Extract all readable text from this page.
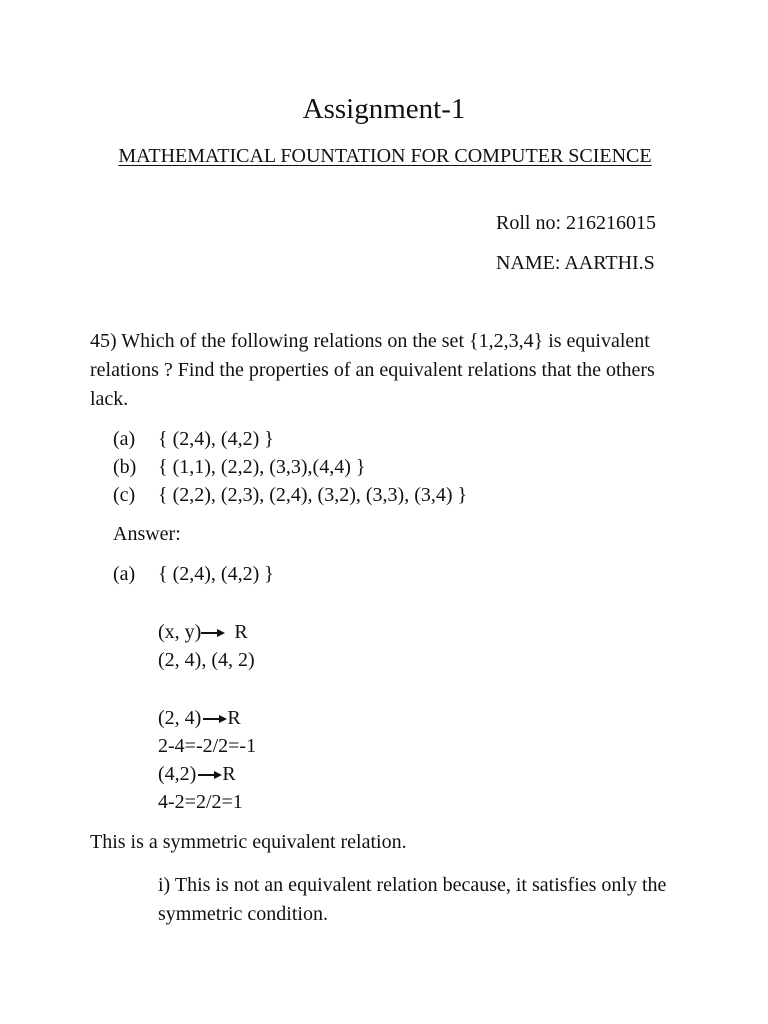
Assignment-1
MATHEMATICAL FOUNTATION FOR COMPUTER SCIENCE
Roll no: 216216015
NAME: AARTHI.S
45) Which of the following relations on the set {1,2,3,4} is equivalent relations ? Find the properties of an equivalent relations that the others lack.
(a) { (2,4), (4,2) }
(b) { (1,1), (2,2), (3,3),(4,4) }
(c) { (2,2), (2,3), (2,4), (3,2), (3,3), (3,4) }
Answer:
(a) { (2,4), (4,2) }
(x, y) R
(2, 4), (4, 2)
(2, 4) R
2-4=-2/2=-1
(4,2) R
4-2=2/2=1
This is a symmetric equivalent relation.
i) This is not an equivalent relation because, it satisfies only the symmetric condition.
